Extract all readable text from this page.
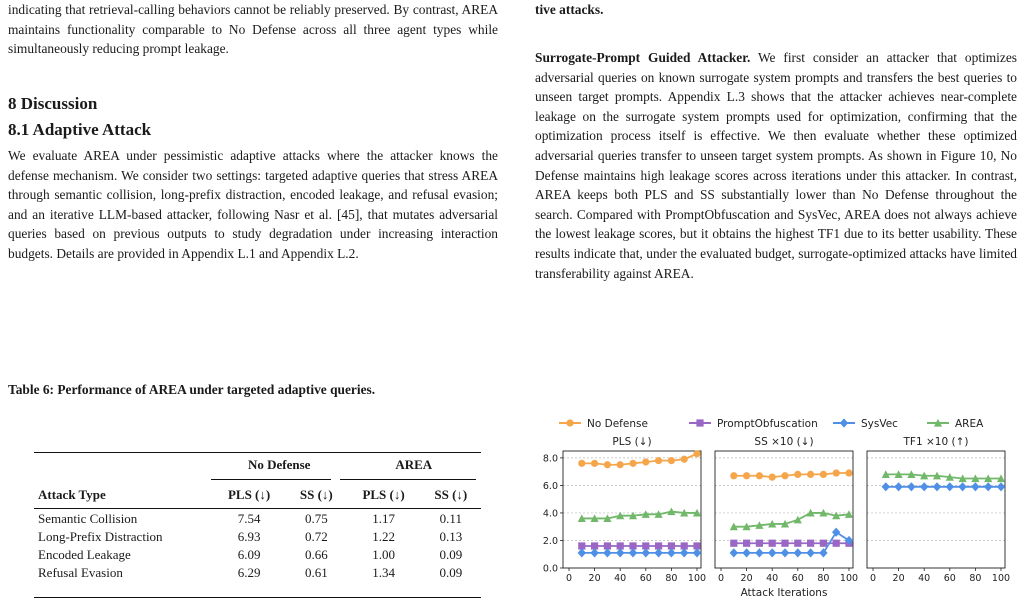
indicating that retrieval-calling behaviors cannot be reliably preserved. By contrast, AREA maintains functionality comparable to No Defense across all three agent types while simultaneously reducing prompt leakage.

8 Discussion
8.1 Adaptive Attack

We evaluate AREA under pessimistic adaptive attacks where the attacker knows the defense mechanism. We consider two settings: targeted adaptive queries that stress AREA through semantic collision, long-prefix distraction, encoded leakage, and refusal evasion; and an iterative LLM-based attacker, following Nasr et al. [45], that mutates adversarial queries based on previous outputs to study degradation under increasing interaction budgets. Details are provided in Appendix L.1 and Appendix L.2.

Table 6: Performance of AREA under targeted adaptive queries.
	No Defense		AREA	
Attack Type	PLS (↓)	SS (↓)	PLS (↓)	SS (↓)

Semantic Collision	7.54	0.75	1.17	0.11
Long-Prefix Distraction	6.93	0.72	1.22	0.13
Encoded Leakage	6.09	0.66	1.00	0.09
Refusal Evasion	6.29	0.61	1.34	0.09
tive attacks.

Surrogate-Prompt Guided Attacker. We first consider an attacker that optimizes adversarial queries on known surrogate system prompts and transfers the best queries to unseen target prompts. Appendix L.3 shows that the attacker achieves near-complete leakage on the surrogate system prompts used for optimization, confirming that the optimization process itself is effective. We then evaluate whether these optimized adversarial queries transfer to unseen target system prompts. As shown in Figure 10, No Defense maintains high leakage scores across iterations under this attacker. In contrast, AREA keeps both PLS and SS substantially lower than No Defense throughout the search. Compared with PromptObfuscation and SysVec, AREA does not always achieve the lowest leakage scores, but it obtains the highest TF1 due to its better usability. These results indicate that, under the evaluated budget, surrogate-optimized attacks have limited transferability against AREA.

No Defense	PromptObfuscation	SysVec	AREA
PLS (↓)
0.0
2.0
4.0
6.0
8.0
0 20 40 60 80 100
SS ×10 (↓)
0 20 40 60 80 100
TF1 ×10 (↑)
0 20 40 60 80 100
Attack Iterations
